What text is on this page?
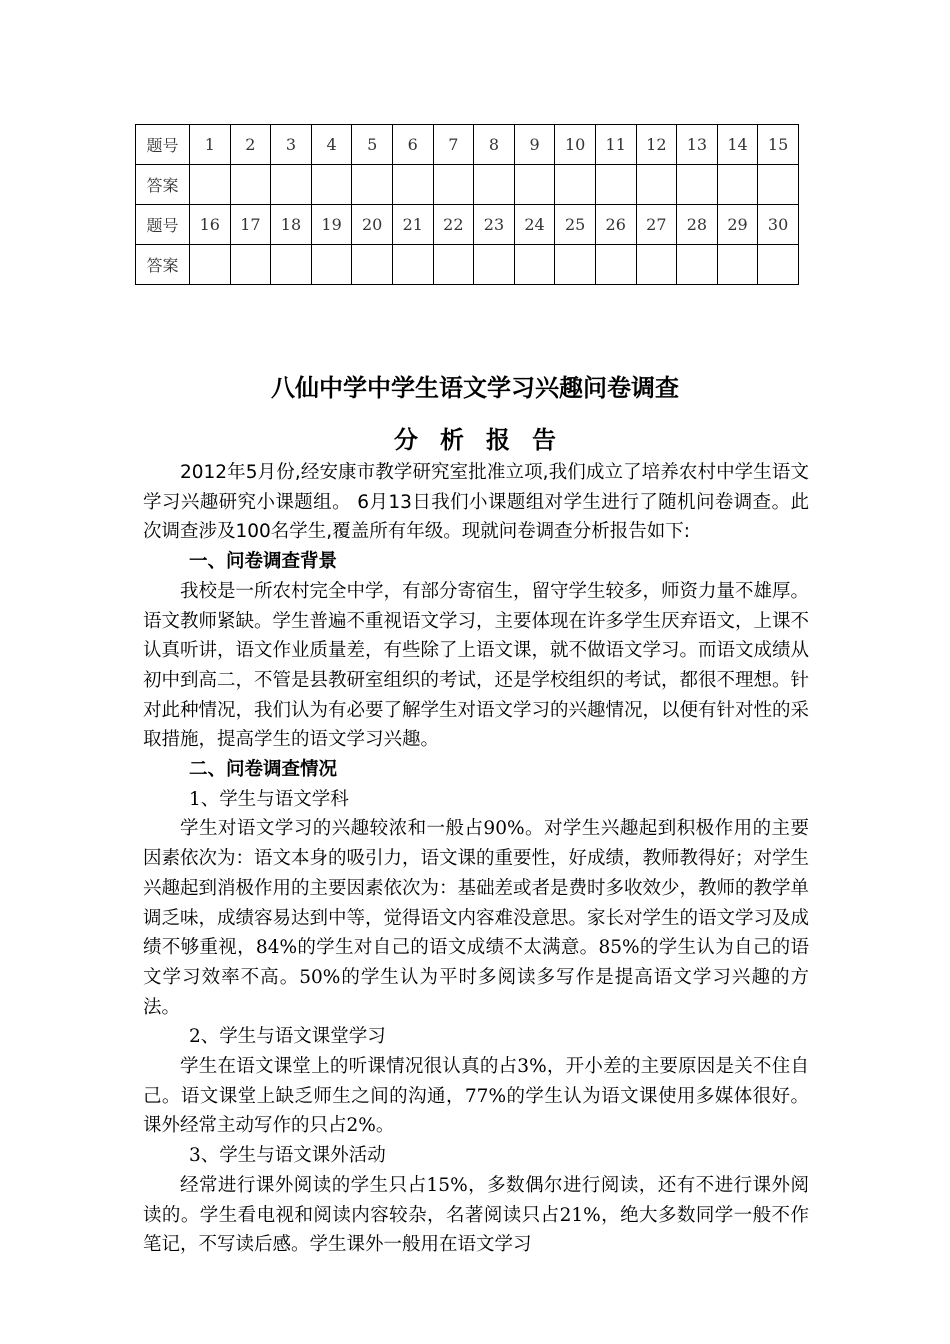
题号	1	2	3	4	5	6	7	8	9	10	11	12	13	14	15
答案															
题号	16	17	18	19	20	21	22	23	24	25	26	27	28	29	30
答案															
八仙中学中学生语文学习兴趣问卷调查
分析报告

2012年5月份,经安康市教学研究室批准立项,我们成立了培养农村中学生语文学习兴趣研究小课题组。 6月13日我们小课题组对学生进行了随机问卷调查。此次调查涉及100名学生,覆盖所有年级。现就问卷调查分析报告如下:

一、问卷调查背景

我校是一所农村完全中学，有部分寄宿生，留守学生较多，师资力量不雄厚。语文教师紧缺。学生普遍不重视语文学习，主要体现在许多学生厌弃语文，上课不认真听讲，语文作业质量差，有些除了上语文课，就不做语文学习。而语文成绩从初中到高二，不管是县教研室组织的考试，还是学校组织的考试，都很不理想。针对此种情况，我们认为有必要了解学生对语文学习的兴趣情况，以便有针对性的采取措施，提高学生的语文学习兴趣。

二、问卷调查情况

1、学生与语文学科

学生对语文学习的兴趣较浓和一般占90%。对学生兴趣起到积极作用的主要因素依次为：语文本身的吸引力，语文课的重要性，好成绩，教师教得好；对学生兴趣起到消极作用的主要因素依次为：基础差或者是费时多收效少，教师的教学单调乏味，成绩容易达到中等，觉得语文内容难没意思。家长对学生的语文学习及成绩不够重视，84%的学生对自己的语文成绩不太满意。85%的学生认为自己的语文学习效率不高。50%的学生认为平时多阅读多写作是提高语文学习兴趣的方法。

2、学生与语文课堂学习

学生在语文课堂上的听课情况很认真的占3%，开小差的主要原因是关不住自己。语文课堂上缺乏师生之间的沟通，77%的学生认为语文课使用多媒体很好。课外经常主动写作的只占2%。

3、学生与语文课外活动

经常进行课外阅读的学生只占15%，多数偶尔进行阅读，还有不进行课外阅读的。学生看电视和阅读内容较杂，名著阅读只占21%，绝大多数同学一般不作笔记，不写读后感。学生课外一般用在语文学习
